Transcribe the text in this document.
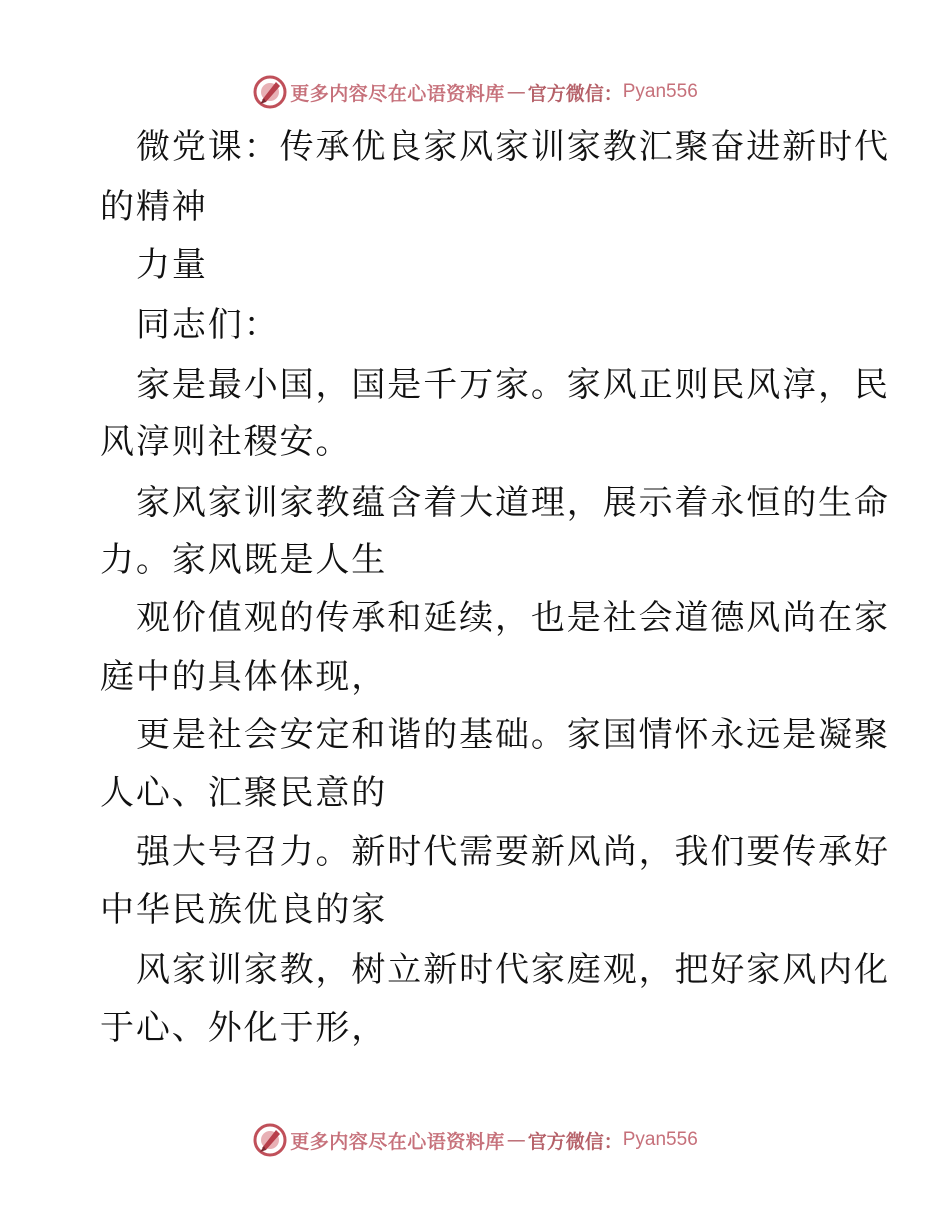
更多内容尽在心语资料库 — 官方微信： Pyan556
微党课：传承优良家风家训家教汇聚奋进新时代
的精神
力量
同志们：
家是最小国，国是千万家。家风正则民风淳，民
风淳则社稷安。
家风家训家教蕴含着大道理，展示着永恒的生命
力。家风既是人生
观价值观的传承和延续，也是社会道德风尚在家
庭中的具体体现，
更是社会安定和谐的基础。家国情怀永远是凝聚
人心、汇聚民意的
强大号召力。新时代需要新风尚，我们要传承好
中华民族优良的家
风家训家教，树立新时代家庭观，把好家风内化
于心、外化于形，
更多内容尽在心语资料库 — 官方微信： Pyan556
